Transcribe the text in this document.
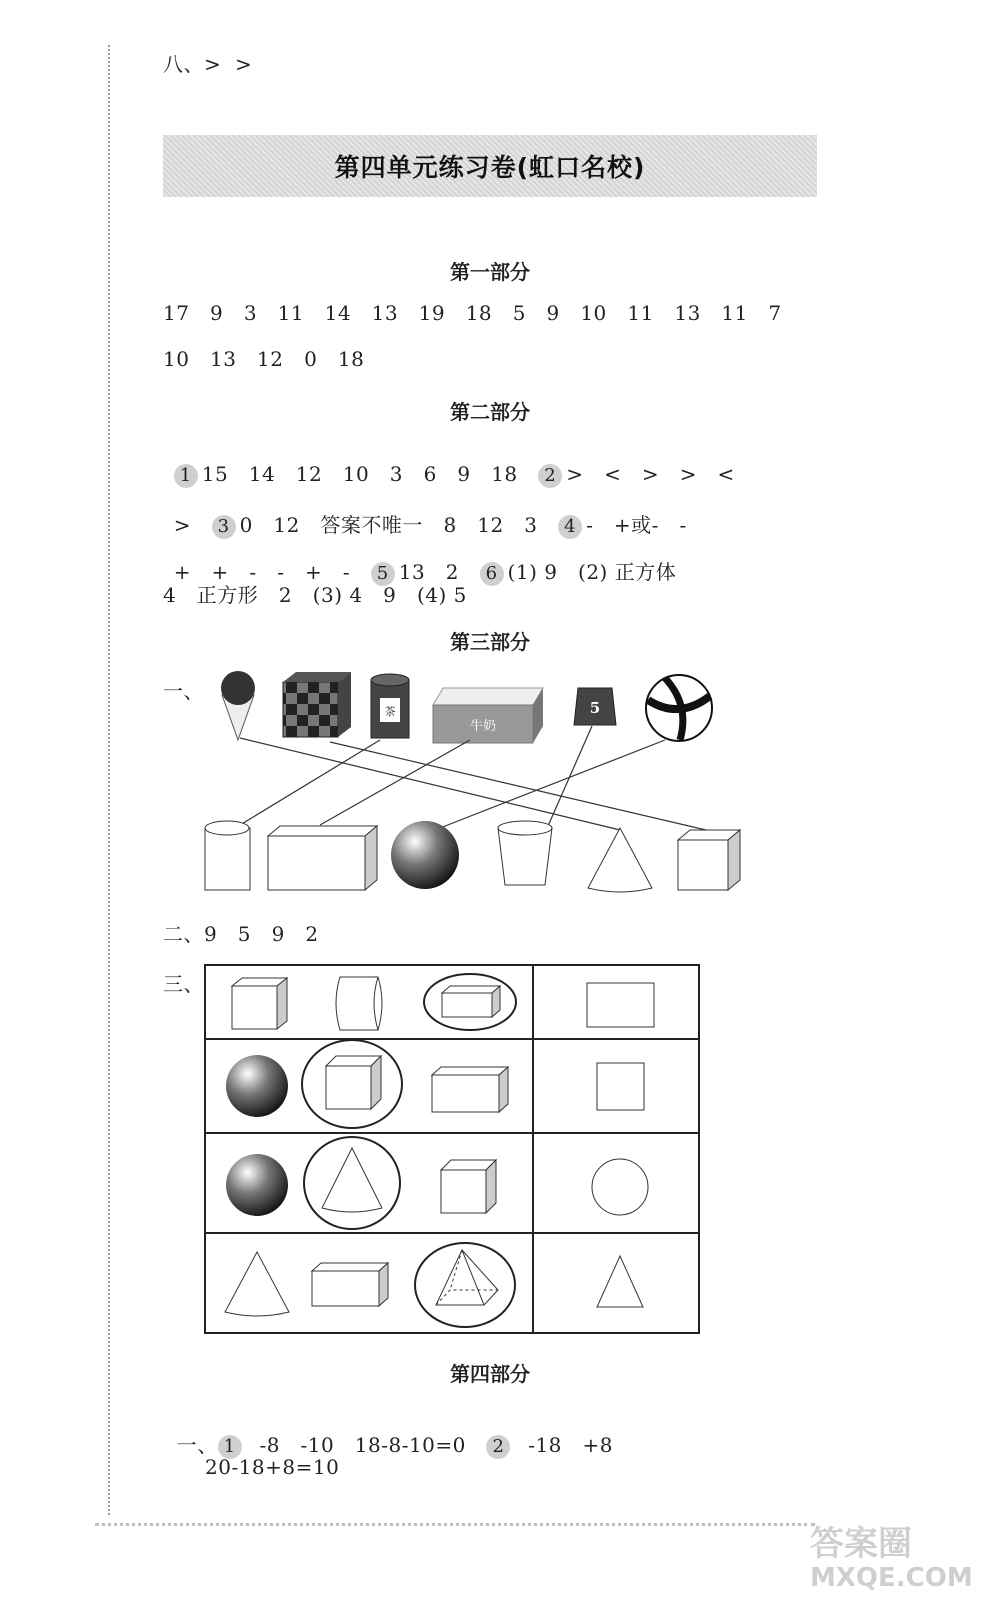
八、>  >
第四单元练习卷(虹口名校)
第一部分
17   9   3   11   14   13   19   18   5   9   10   11   13   11   7
10   13   12   0   18
第二部分

1 15   14   12   10   3   6   9   18 2 >   <   >   >   <

> 3 0   12   答案不唯一   8   12   3 4 -   +或-   -

+   +   -   -   +   - 5 13   2 6 (1) 9   (2) 正方体

4   正方形   2   (3) 4   9   (4) 5
第三部分
一、
茶
牛奶
5
二、9   5   9   2
三、
第四部分

一、 1 -8   -10   18-8-10=0 2 -18   +8

20-18+8=10
答案圈
MXQE.COM
